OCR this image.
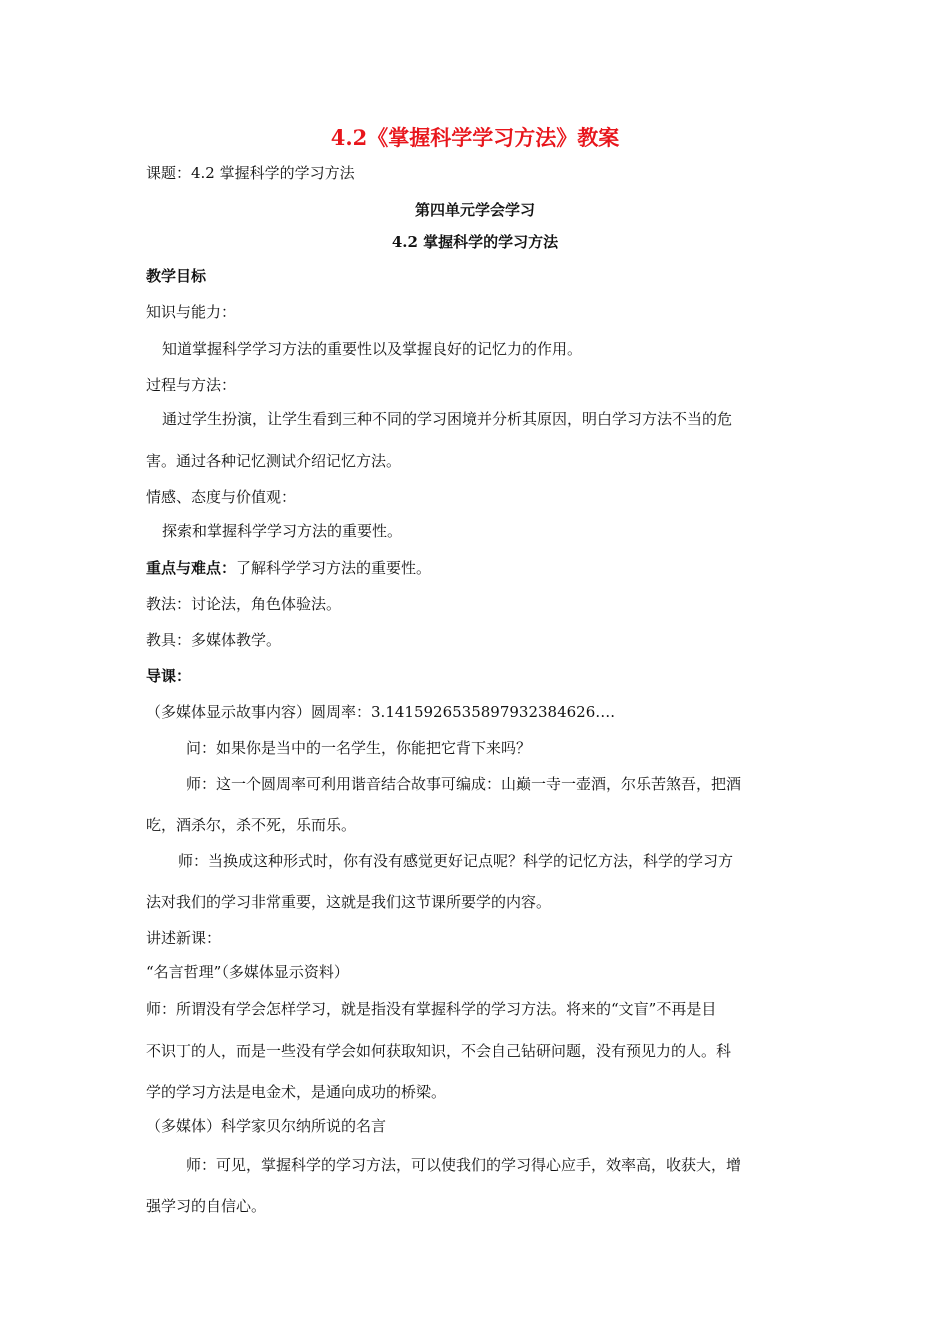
4.2《掌握科学学习方法》教案
课题：4.2 掌握科学的学习方法
第四单元学会学习
4.2 掌握科学的学习方法
教学目标
知识与能力：
知道掌握科学学习方法的重要性以及掌握良好的记忆力的作用。
过程与方法：
通过学生扮演，让学生看到三种不同的学习困境并分析其原因，明白学习方法不当的危
害。通过各种记忆测试介绍记忆方法。
情感、态度与价值观：
探索和掌握科学学习方法的重要性。
重点与难点：了解科学学习方法的重要性。
教法：讨论法，角色体验法。
教具：多媒体教学。
导课：
（多媒体显示故事内容）圆周率：3.1415926535897932384626….
问：如果你是当中的一名学生，你能把它背下来吗？
师：这一个圆周率可利用谐音结合故事可编成：山巅一寺一壶酒，尔乐苦煞吾，把酒
吃，酒杀尔，杀不死，乐而乐。
师：当换成这种形式时，你有没有感觉更好记点呢？科学的记忆方法，科学的学习方
法对我们的学习非常重要，这就是我们这节课所要学的内容。
讲述新课：
“名言哲理”（多媒体显示资料）
师：所谓没有学会怎样学习，就是指没有掌握科学的学习方法。将来的“文盲”不再是目
不识丁的人，而是一些没有学会如何获取知识，不会自己钻研问题，没有预见力的人。科
学的学习方法是电金术，是通向成功的桥梁。
（多媒体）科学家贝尔纳所说的名言
师：可见，掌握科学的学习方法，可以使我们的学习得心应手，效率高，收获大，增
强学习的自信心。
